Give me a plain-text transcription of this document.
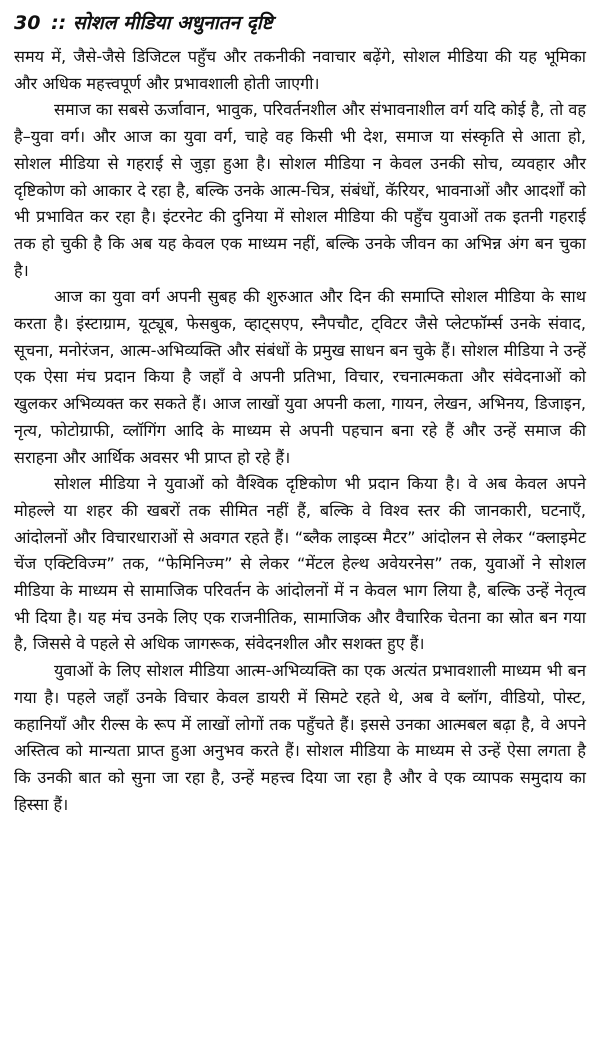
30 :: सोशल मीडिया अधुनातन दृष्टि

समय में, जैसे-जैसे डिजिटल पहुँच और तकनीकी नवाचार बढ़ेंगे, सोशल मीडिया की यह भूमिका और अधिक महत्त्वपूर्ण और प्रभावशाली होती जाएगी।

समाज का सबसे ऊर्जावान, भावुक, परिवर्तनशील और संभावनाशील वर्ग यदि कोई है, तो वह है–युवा वर्ग। और आज का युवा वर्ग, चाहे वह किसी भी देश, समाज या संस्कृति से आता हो, सोशल मीडिया से गहराई से जुड़ा हुआ है। सोशल मीडिया न केवल उनकी सोच, व्यवहार और दृष्टिकोण को आकार दे रहा है, बल्कि उनके आत्म-चित्र, संबंधों, कॅरियर, भावनाओं और आदर्शों को भी प्रभावित कर रहा है। इंटरनेट की दुनिया में सोशल मीडिया की पहुँच युवाओं तक इतनी गहराई तक हो चुकी है कि अब यह केवल एक माध्यम नहीं, बल्कि उनके जीवन का अभिन्न अंग बन चुका है।

आज का युवा वर्ग अपनी सुबह की शुरुआत और दिन की समाप्ति सोशल मीडिया के साथ करता है। इंस्टाग्राम, यूट्यूब, फेसबुक, व्हाट्सएप, स्नैपचौट, ट्विटर जैसे प्लेटफॉर्म्स उनके संवाद, सूचना, मनोरंजन, आत्म-अभिव्यक्ति और संबंधों के प्रमुख साधन बन चुके हैं। सोशल मीडिया ने उन्हें एक ऐसा मंच प्रदान किया है जहाँ वे अपनी प्रतिभा, विचार, रचनात्मकता और संवेदनाओं को खुलकर अभिव्यक्त कर सकते हैं। आज लाखों युवा अपनी कला, गायन, लेखन, अभिनय, डिजाइन, नृत्य, फोटोग्राफी, व्लॉगिंग आदि के माध्यम से अपनी पहचान बना रहे हैं और उन्हें समाज की सराहना और आर्थिक अवसर भी प्राप्त हो रहे हैं।

सोशल मीडिया ने युवाओं को वैश्विक दृष्टिकोण भी प्रदान किया है। वे अब केवल अपने मोहल्ले या शहर की खबरों तक सीमित नहीं हैं, बल्कि वे विश्व स्तर की जानकारी, घटनाएँ, आंदोलनों और विचारधाराओं से अवगत रहते हैं। “ब्लैक लाइव्स मैटर” आंदोलन से लेकर “क्लाइमेट चेंज एक्टिविज्म” तक, “फेमिनिज्म” से लेकर “मेंटल हेल्थ अवेयरनेस” तक, युवाओं ने सोशल मीडिया के माध्यम से सामाजिक परिवर्तन के आंदोलनों में न केवल भाग लिया है, बल्कि उन्हें नेतृत्व भी दिया है। यह मंच उनके लिए एक राजनीतिक, सामाजिक और वैचारिक चेतना का स्रोत बन गया है, जिससे वे पहले से अधिक जागरूक, संवेदनशील और सशक्त हुए हैं।

युवाओं के लिए सोशल मीडिया आत्म-अभिव्यक्ति का एक अत्यंत प्रभावशाली माध्यम भी बन गया है। पहले जहाँ उनके विचार केवल डायरी में सिमटे रहते थे, अब वे ब्लॉग, वीडियो, पोस्ट, कहानियाँ और रील्स के रूप में लाखों लोगों तक पहुँचते हैं। इससे उनका आत्मबल बढ़ा है, वे अपने अस्तित्व को मान्यता प्राप्त हुआ अनुभव करते हैं। सोशल मीडिया के माध्यम से उन्हें ऐसा लगता है कि उनकी बात को सुना जा रहा है, उन्हें महत्त्व दिया जा रहा है और वे एक व्यापक समुदाय का हिस्सा हैं।
